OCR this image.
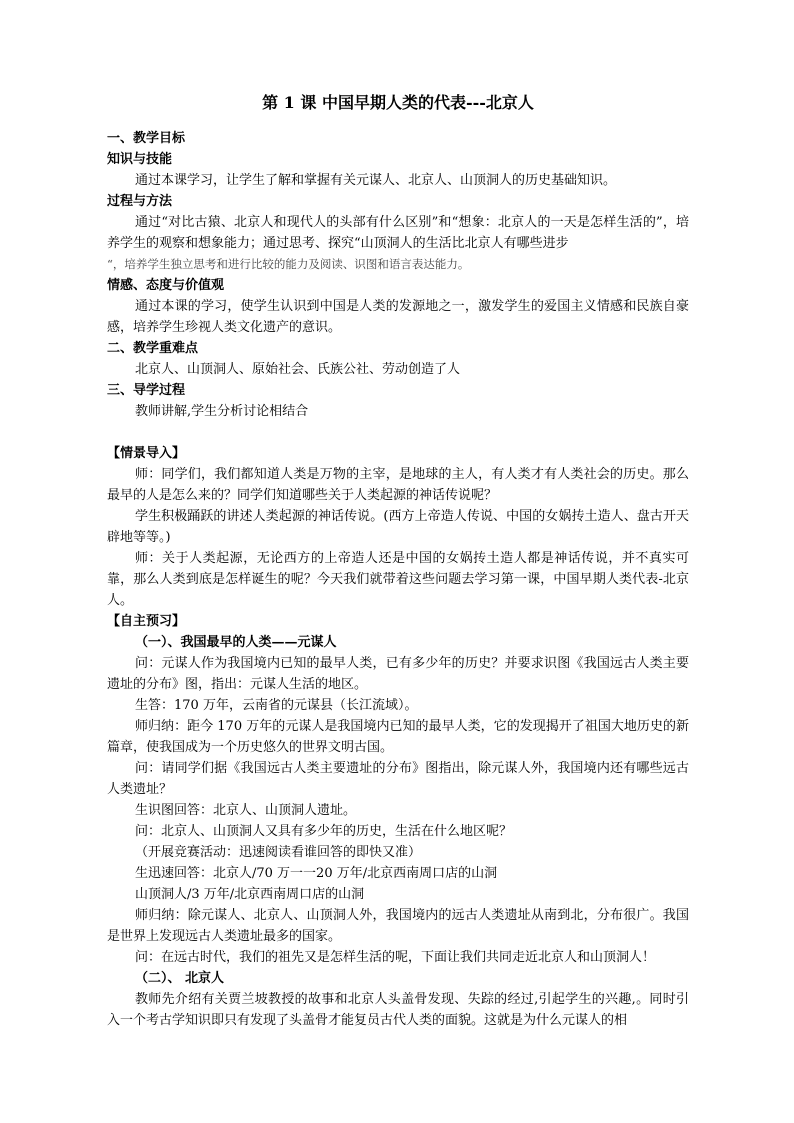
第 1 课 中国早期人类的代表---北京人
一、教学目标
知识与技能
通过本课学习，让学生了解和掌握有关元谋人、北京人、山顶洞人的历史基础知识。
过程与方法
通过“对比古猿、北京人和现代人的头部有什么区别”和“想象：北京人的一天是怎样生活的”，培养学生的观察和想象能力；通过思考、探究“山顶洞人的生活比北京人有哪些进步
“，培养学生独立思考和进行比较的能力及阅读、识图和语言表达能力。
情感、态度与价值观
通过本课的学习，使学生认识到中国是人类的发源地之一，激发学生的爱国主义情感和民族自豪感，培养学生珍视人类文化遗产的意识。
二、教学重难点
北京人、山顶洞人、原始社会、氏族公社、劳动创造了人
三、导学过程
教师讲解,学生分析讨论相结合
【情景导入】
师：同学们，我们都知道人类是万物的主宰，是地球的主人，有人类才有人类社会的历史。那么最早的人是怎么来的？同学们知道哪些关于人类起源的神话传说呢？
学生积极踊跃的讲述人类起源的神话传说。(西方上帝造人传说、中国的女娲抟土造人、盘古开天辟地等等。)
师：关于人类起源，无论西方的上帝造人还是中国的女娲抟土造人都是神话传说，并不真实可靠，那么人类到底是怎样诞生的呢？今天我们就带着这些问题去学习第一课，中国早期人类代表-北京人。
【自主预习】
（一）、我国最早的人类——元谋人
问：元谋人作为我国境内已知的最早人类，已有多少年的历史？并要求识图《我国远古人类主要遗址的分布》图，指出：元谋人生活的地区。
生答：170 万年，云南省的元谋县（长江流域）。
师归纳：距今 170 万年的元谋人是我国境内已知的最早人类，它的发现揭开了祖国大地历史的新篇章，使我国成为一个历史悠久的世界文明古国。
问：请同学们据《我国远古人类主要遗址的分布》图指出，除元谋人外，我国境内还有哪些远古人类遗址？
生识图回答：北京人、山顶洞人遗址。
问：北京人、山顶洞人又具有多少年的历史，生活在什么地区呢？
（开展竞赛活动：迅速阅读看谁回答的即快又准）
生迅速回答：北京人/70 万一一20 万年/北京西南周口店的山洞
山顶洞人/3 万年/北京西南周口店的山洞
师归纳：除元谋人、北京人、山顶洞人外，我国境内的远古人类遗址从南到北，分布很广。我国是世界上发现远古人类遗址最多的国家。
问：在远古时代，我们的祖先又是怎样生活的呢，下面让我们共同走近北京人和山顶洞人！
（二）、 北京人
教师先介绍有关贾兰坡教授的故事和北京人头盖骨发现、失踪的经过,引起学生的兴趣,。同时引入一个考古学知识即只有发现了头盖骨才能复员古代人类的面貌。这就是为什么元谋人的相
